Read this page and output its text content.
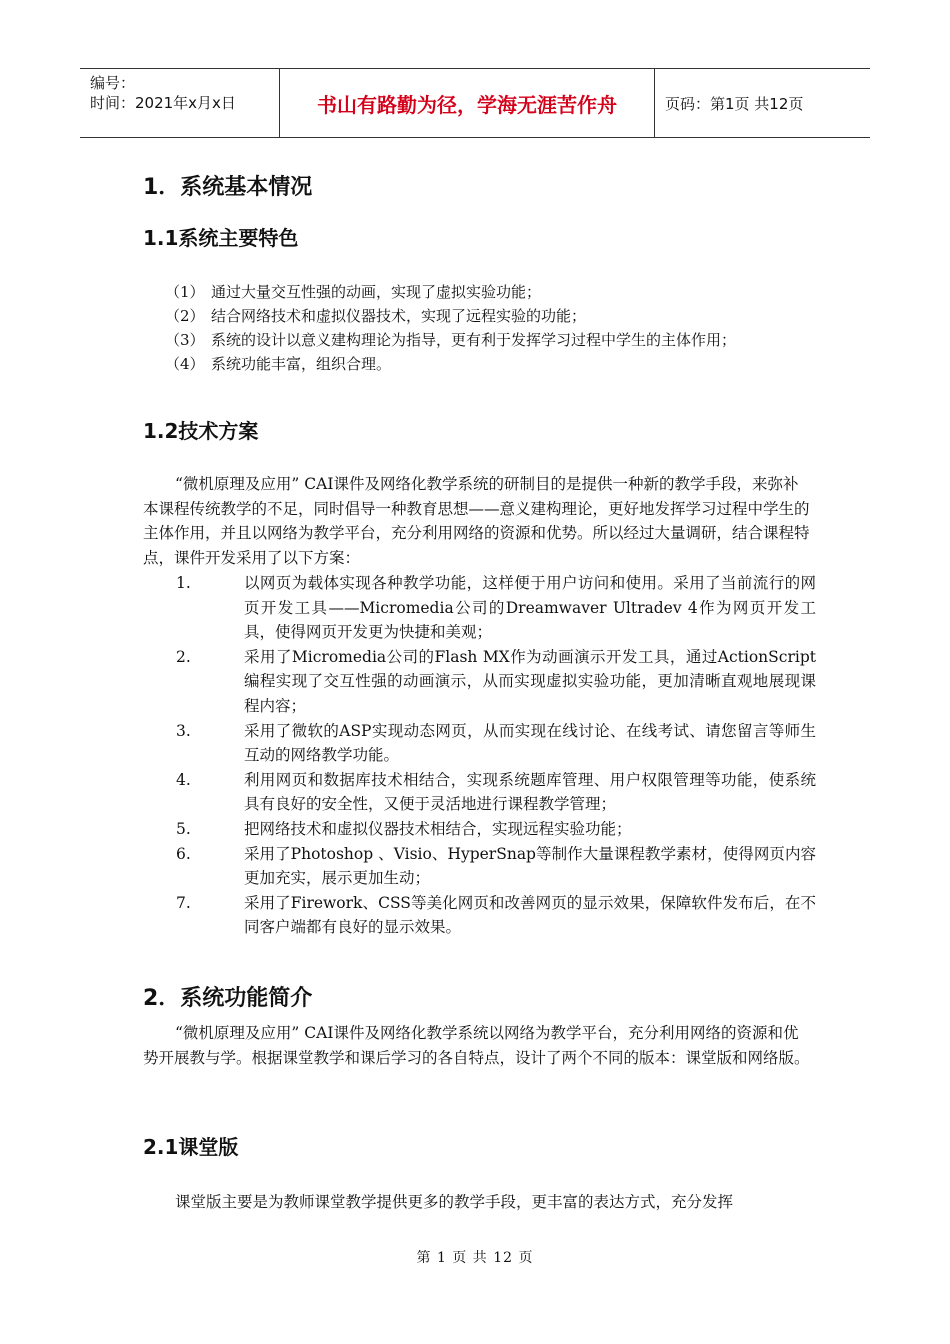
编号：
时间：2021年x月x日	书山有路勤为径，学海无涯苦作舟	页码：第1页 共12页
1．系统基本情况
1.1系统主要特色
（1） 通过大量交互性强的动画，实现了虚拟实验功能；
（2） 结合网络技术和虚拟仪器技术，实现了远程实验的功能；
（3） 系统的设计以意义建构理论为指导，更有利于发挥学习过程中学生的主体作用；
（4） 系统功能丰富，组织合理。
1.2技术方案
“微机原理及应用” CAI课件及网络化教学系统的研制目的是提供一种新的教学手段，来弥补本课程传统教学的不足，同时倡导一种教育思想——意义建构理论，更好地发挥学习过程中学生的主体作用，并且以网络为教学平台，充分利用网络的资源和优势。所以经过大量调研，结合课程特点，课件开发采用了以下方案：
1.	以网页为载体实现各种教学功能，这样便于用户访问和使用。采用了当前流行的网页开发工具——Micromedia公司的Dreamwaver Ultradev 4作为网页开发工具，使得网页开发更为快捷和美观；
2.	采用了Micromedia公司的Flash MX作为动画演示开发工具，通过ActionScript编程实现了交互性强的动画演示，从而实现虚拟实验功能，更加清晰直观地展现课程内容；
3.	采用了微软的ASP实现动态网页，从而实现在线讨论、在线考试、请您留言等师生互动的网络教学功能。
4.	利用网页和数据库技术相结合，实现系统题库管理、用户权限管理等功能，使系统具有良好的安全性，又便于灵活地进行课程教学管理；
5.	把网络技术和虚拟仪器技术相结合，实现远程实验功能；
6.	采用了Photoshop 、Visio、HyperSnap等制作大量课程教学素材，使得网页内容更加充实，展示更加生动；
7.	采用了Firework、CSS等美化网页和改善网页的显示效果，保障软件发布后，在不同客户端都有良好的显示效果。
2．系统功能简介
“微机原理及应用” CAI课件及网络化教学系统以网络为教学平台，充分利用网络的资源和优势开展教与学。根据课堂教学和课后学习的各自特点，设计了两个不同的版本：课堂版和网络版。
2.1课堂版
课堂版主要是为教师课堂教学提供更多的教学手段，更丰富的表达方式，充分发挥
第 1 页 共 12 页
